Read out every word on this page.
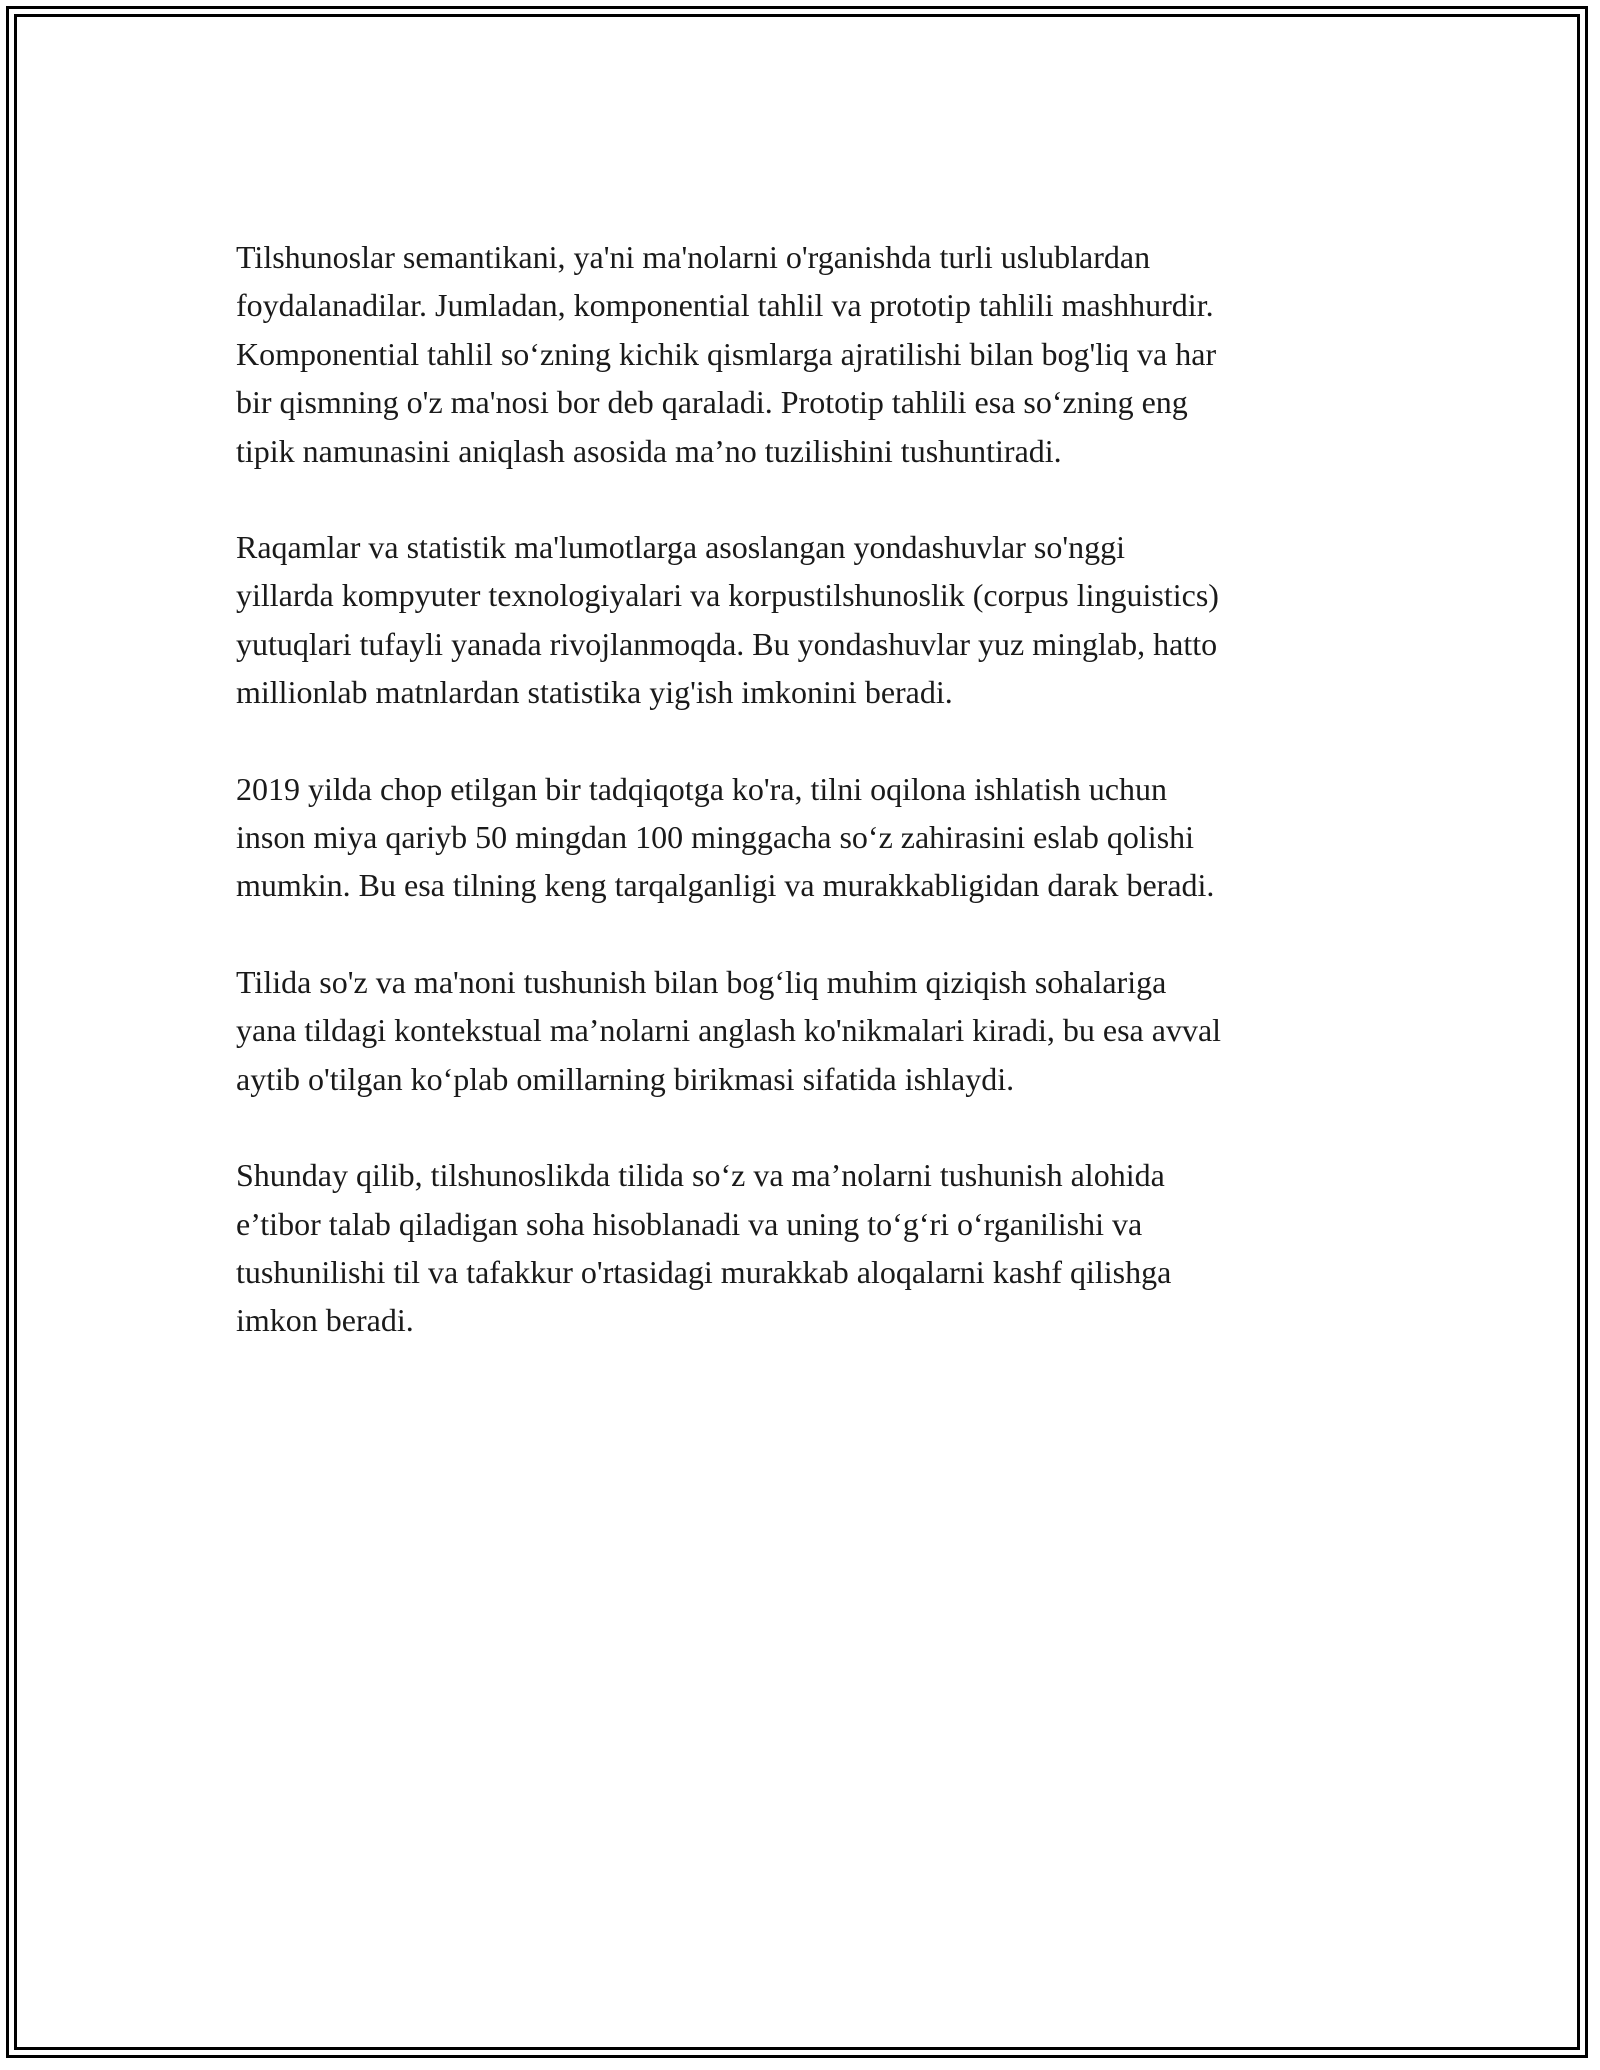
Tilshunoslar semantikani, ya'ni ma'nolarni o'rganishda turli uslublardan
foydalanadilar. Jumladan, komponential tahlil va prototip tahlili mashhurdir.
Komponential tahlil so‘zning kichik qismlarga ajratilishi bilan bog'liq va har
bir qismning o'z ma'nosi bor deb qaraladi. Prototip tahlili esa so‘zning eng
tipik namunasini aniqlash asosida ma’no tuzilishini tushuntiradi.

Raqamlar va statistik ma'lumotlarga asoslangan yondashuvlar so'nggi
yillarda kompyuter texnologiyalari va korpustilshunoslik (corpus linguistics)
yutuqlari tufayli yanada rivojlanmoqda. Bu yondashuvlar yuz minglab, hatto
millionlab matnlardan statistika yig'ish imkonini beradi.

2019 yilda chop etilgan bir tadqiqotga ko'ra, tilni oqilona ishlatish uchun
inson miya qariyb 50 mingdan 100 minggacha so‘z zahirasini eslab qolishi
mumkin. Bu esa tilning keng tarqalganligi va murakkabligidan darak beradi.

Tilida so'z va ma'noni tushunish bilan bog‘liq muhim qiziqish sohalariga
yana tildagi kontekstual ma’nolarni anglash ko'nikmalari kiradi, bu esa avval
aytib o'tilgan ko‘plab omillarning birikmasi sifatida ishlaydi.

Shunday qilib, tilshunoslikda tilida so‘z va ma’nolarni tushunish alohida
e’tibor talab qiladigan soha hisoblanadi va uning to‘g‘ri o‘rganilishi va
tushunilishi til va tafakkur o'rtasidagi murakkab aloqalarni kashf qilishga
imkon beradi.
